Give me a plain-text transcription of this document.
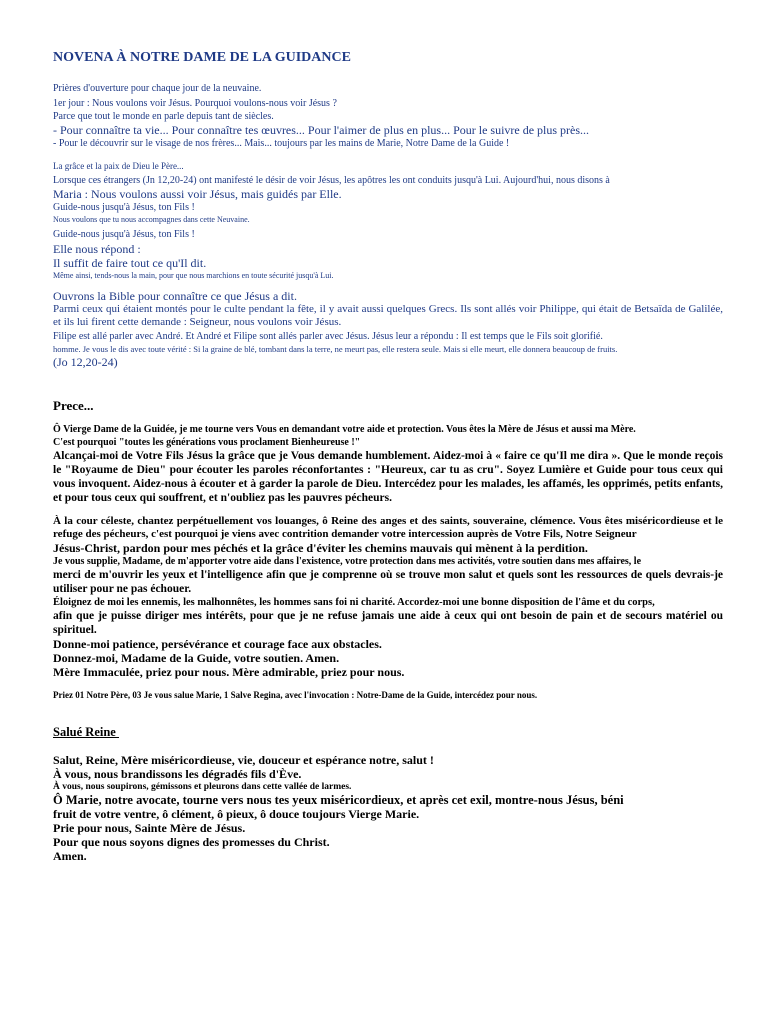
NOVENA À NOTRE DAME DE LA GUIDANCE

Prières d'ouverture pour chaque jour de la neuvaine.

1er jour : Nous voulons voir Jésus. Pourquoi voulons-nous voir Jésus ?

Parce que tout le monde en parle depuis tant de siècles.

- Pour connaître ta vie... Pour connaître tes œuvres... Pour l'aimer de plus en plus... Pour le suivre de plus près...

- Pour le découvrir sur le visage de nos frères... Mais... toujours par les mains de Marie, Notre Dame de la Guide !

La grâce et la paix de Dieu le Père...

Lorsque ces étrangers (Jn 12,20-24) ont manifesté le désir de voir Jésus, les apôtres les ont conduits jusqu'à Lui. Aujourd'hui, nous disons à

Maria : Nous voulons aussi voir Jésus, mais guidés par Elle.

Guide-nous jusqu'à Jésus, ton Fils !

Nous voulons que tu nous accompagnes dans cette Neuvaine.

Guide-nous jusqu'à Jésus, ton Fils !

Elle nous répond :

Il suffit de faire tout ce qu'Il dit.

Même ainsi, tends-nous la main, pour que nous marchions en toute sécurité jusqu'à Lui.

Ouvrons la Bible pour connaître ce que Jésus a dit.

Parmi ceux qui étaient montés pour le culte pendant la fête, il y avait aussi quelques Grecs. Ils sont allés voir Philippe, qui était de Betsaïda de Galilée, et ils lui firent cette demande : Seigneur, nous voulons voir Jésus.

Filipe est allé parler avec André. Et André et Filipe sont allés parler avec Jésus. Jésus leur a répondu : Il est temps que le Fils soit glorifié.

homme. Je vous le dis avec toute vérité : Si la graine de blé, tombant dans la terre, ne meurt pas, elle restera seule. Mais si elle meurt, elle donnera beaucoup de fruits.

(Jo 12,20-24)

Prece...

Ô Vierge Dame de la Guidée, je me tourne vers Vous en demandant votre aide et protection. Vous êtes la Mère de Jésus et aussi ma Mère.

C'est pourquoi "toutes les générations vous proclament Bienheureuse !"

Alcançai-moi de Votre Fils Jésus la grâce que je Vous demande humblement. Aidez-moi à « faire ce qu'Il me dira ». Que le monde reçois le "Royaume de Dieu" pour écouter les paroles réconfortantes : "Heureux, car tu as cru". Soyez Lumière et Guide pour tous ceux qui vous invoquent. Aidez-nous à écouter et à garder la parole de Dieu. Intercédez pour les malades, les affamés, les opprimés, petits enfants, et pour tous ceux qui souffrent, et n'oubliez pas les pauvres pécheurs.

À la cour céleste, chantez perpétuellement vos louanges, ô Reine des anges et des saints, souveraine, clémence. Vous êtes miséricordieuse et le refuge des pécheurs, c'est pourquoi je viens avec contrition demander votre intercession auprès de Votre Fils, Notre Seigneur

Jésus-Christ, pardon pour mes péchés et la grâce d'éviter les chemins mauvais qui mènent à la perdition.

Je vous supplie, Madame, de m'apporter votre aide dans l'existence, votre protection dans mes activités, votre soutien dans mes affaires, le

merci de m'ouvrir les yeux et l'intelligence afin que je comprenne où se trouve mon salut et quels sont les ressources de quels devrais-je utiliser pour ne pas échouer.

Éloignez de moi les ennemis, les malhonnêtes, les hommes sans foi ni charité. Accordez-moi une bonne disposition de l'âme et du corps,

afin que je puisse diriger mes intérêts, pour que je ne refuse jamais une aide à ceux qui ont besoin de pain et de secours matériel ou spirituel.

Donne-moi patience, persévérance et courage face aux obstacles.

Donnez-moi, Madame de la Guide, votre soutien. Amen.

Mère Immaculée, priez pour nous. Mère admirable, priez pour nous.

Priez 01 Notre Père, 03 Je vous salue Marie, 1 Salve Regina, avec l'invocation : Notre-Dame de la Guide, intercédez pour nous.

Salué Reine

Salut, Reine, Mère miséricordieuse, vie, douceur et espérance notre, salut !

À vous, nous brandissons les dégradés fils d'Ève.

À vous, nous soupirons, gémissons et pleurons dans cette vallée de larmes.

Ô Marie, notre avocate, tourne vers nous tes yeux miséricordieux, et après cet exil, montre-nous Jésus, béni

fruit de votre ventre, ô clément, ô pieux, ô douce toujours Vierge Marie.

Prie pour nous, Sainte Mère de Jésus.

Pour que nous soyons dignes des promesses du Christ.

Amen.
